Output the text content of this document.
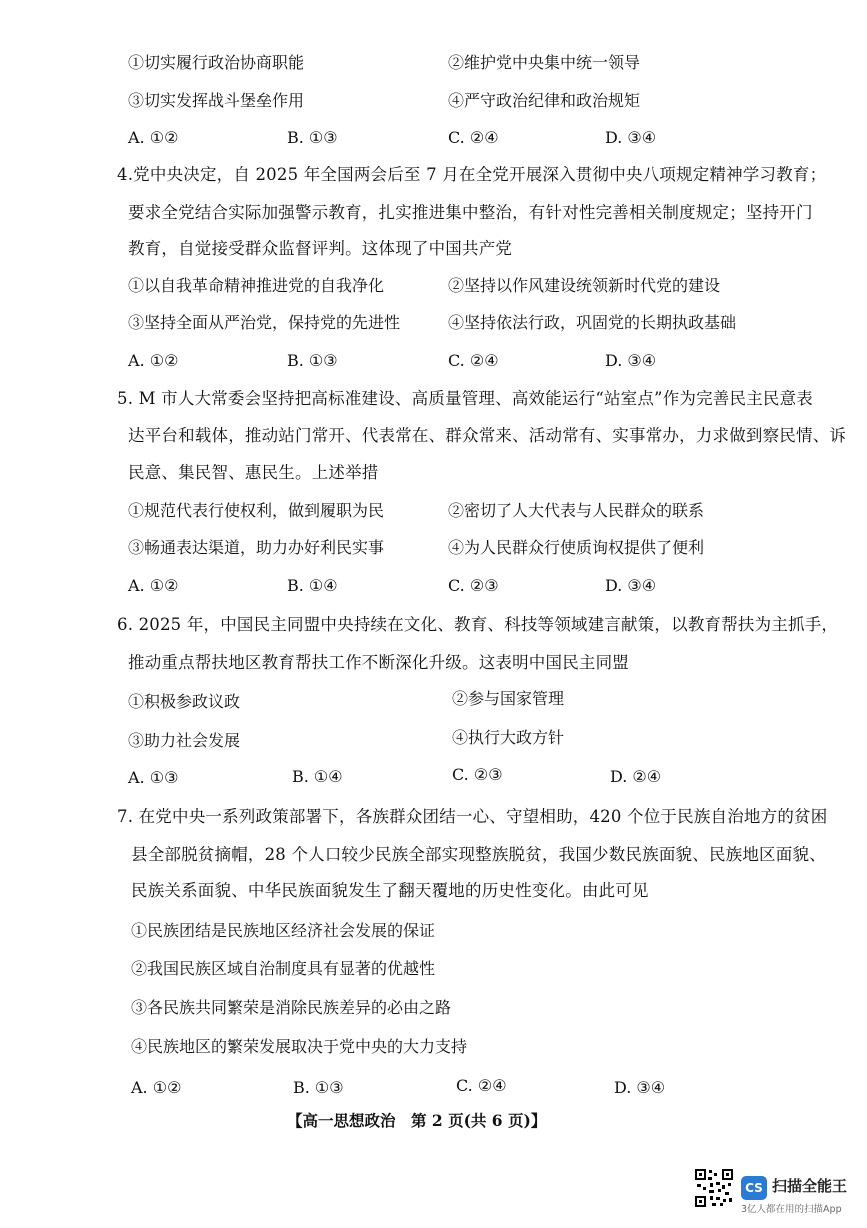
①切实履行政治协商职能	②维护党中央集中统一领导
③切实发挥战斗堡垒作用	④严守政治纪律和政治规矩
A. ①②	B. ①③	C. ②④	D. ③④
4.党中央决定，自 2025 年全国两会后至 7 月在全党开展深入贯彻中央八项规定精神学习教育；
要求全党结合实际加强警示教育，扎实推进集中整治，有针对性完善相关制度规定；坚持开门
教育，自觉接受群众监督评判。这体现了中国共产党
①以自我革命精神推进党的自我净化	②坚持以作风建设统领新时代党的建设
③坚持全面从严治党，保持党的先进性	④坚持依法行政，巩固党的长期执政基础
A. ①②	B. ①③	C. ②④	D. ③④
5. M 市人大常委会坚持把高标准建设、高质量管理、高效能运行“站室点”作为完善民主民意表
达平台和载体，推动站门常开、代表常在、群众常来、活动常有、实事常办，力求做到察民情、诉
民意、集民智、惠民生。上述举措
①规范代表行使权利，做到履职为民	②密切了人大代表与人民群众的联系
③畅通表达渠道，助力办好利民实事	④为人民群众行使质询权提供了便利
A. ①②	B. ①④	C. ②③	D. ③④
6. 2025 年，中国民主同盟中央持续在文化、教育、科技等领域建言献策，以教育帮扶为主抓手，
推动重点帮扶地区教育帮扶工作不断深化升级。这表明中国民主同盟
①积极参政议政	②参与国家管理
③助力社会发展	④执行大政方针
A. ①③	B. ①④	C. ②③	D. ②④
7. 在党中央一系列政策部署下，各族群众团结一心、守望相助，420 个位于民族自治地方的贫困
县全部脱贫摘帽，28 个人口较少民族全部实现整族脱贫，我国少数民族面貌、民族地区面貌、
民族关系面貌、中华民族面貌发生了翻天覆地的历史性变化。由此可见
①民族团结是民族地区经济社会发展的保证
②我国民族区域自治制度具有显著的优越性
③各民族共同繁荣是消除民族差异的必由之路
④民族地区的繁荣发展取决于党中央的大力支持
A. ①②	B. ①③	C. ②④	D. ③④
【高一思想政治　第 2 页(共 6 页)】
CS 扫描全能王
3亿人都在用的扫描App
